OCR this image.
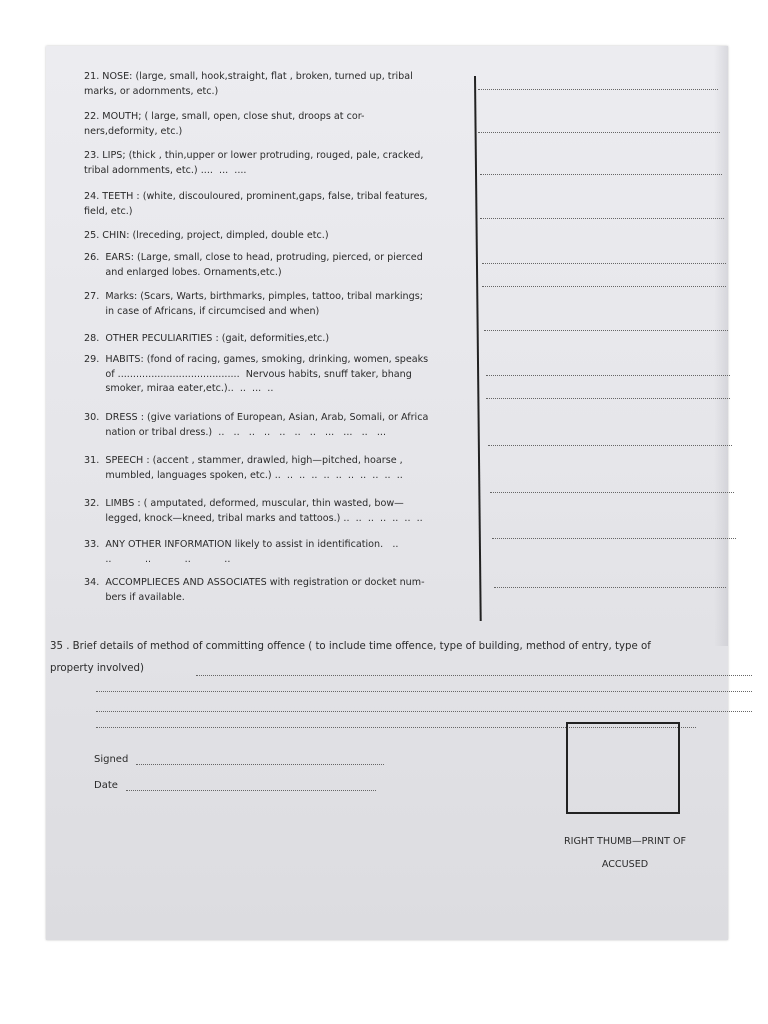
21. NOSE: (large, small, hook,straight, flat , broken, turned up, tribal
marks, or adornments, etc.)
22. MOUTH; ( large, small, open, close shut, droops at cor-
ners,deformity, etc.)
23. LIPS; (thick , thin,upper or lower protruding, rouged, pale, cracked,
tribal adornments, etc.) ....  ...  ....
24. TEETH : (white, discouloured, prominent,gaps, false, tribal features,
field, etc.)
25. CHIN: (lreceding, project, dimpled, double etc.)
26.  EARS: (Large, small, close to head, protruding, pierced, or pierced
and enlarged lobes. Ornaments,etc.)
27.  Marks: (Scars, Warts, birthmarks, pimples, tattoo, tribal markings;
in case of Africans, if circumcised and when)
28.  OTHER PECULIARITIES : (gait, deformities,etc.)
29.  HABITS: (fond of racing, games, smoking, drinking, women, speaks
of ........................................  Nervous habits, snuff taker, bhang
smoker, miraa eater,etc.)..  ..  ...  ..
30.  DRESS : (give variations of European, Asian, Arab, Somali, or Africa
nation or tribal dress.)  ..   ..   ..   ..   ..   ..   ..   ...   ...   ..   ...
31.  SPEECH : (accent , stammer, drawled, high—pitched, hoarse ,
mumbled, languages spoken, etc.) ..  ..  ..  ..  ..  ..  ..  ..  ..  ..  ..
32.  LIMBS : ( amputated, deformed, muscular, thin wasted, bow—
legged, knock—kneed, tribal marks and tattoos.) ..  ..  ..  ..  ..  ..  ..
33.  ANY OTHER INFORMATION likely to assist in identification.   ..
..           ..           ..           ..
34.  ACCOMPLIECES AND ASSOCIATES with registration or docket num-
bers if available.
35 . Brief details of method of committing offence ( to include time offence, type of building, method of entry, type of
property involved)
Signed
Date
RIGHT THUMB—PRINT OF
ACCUSED
